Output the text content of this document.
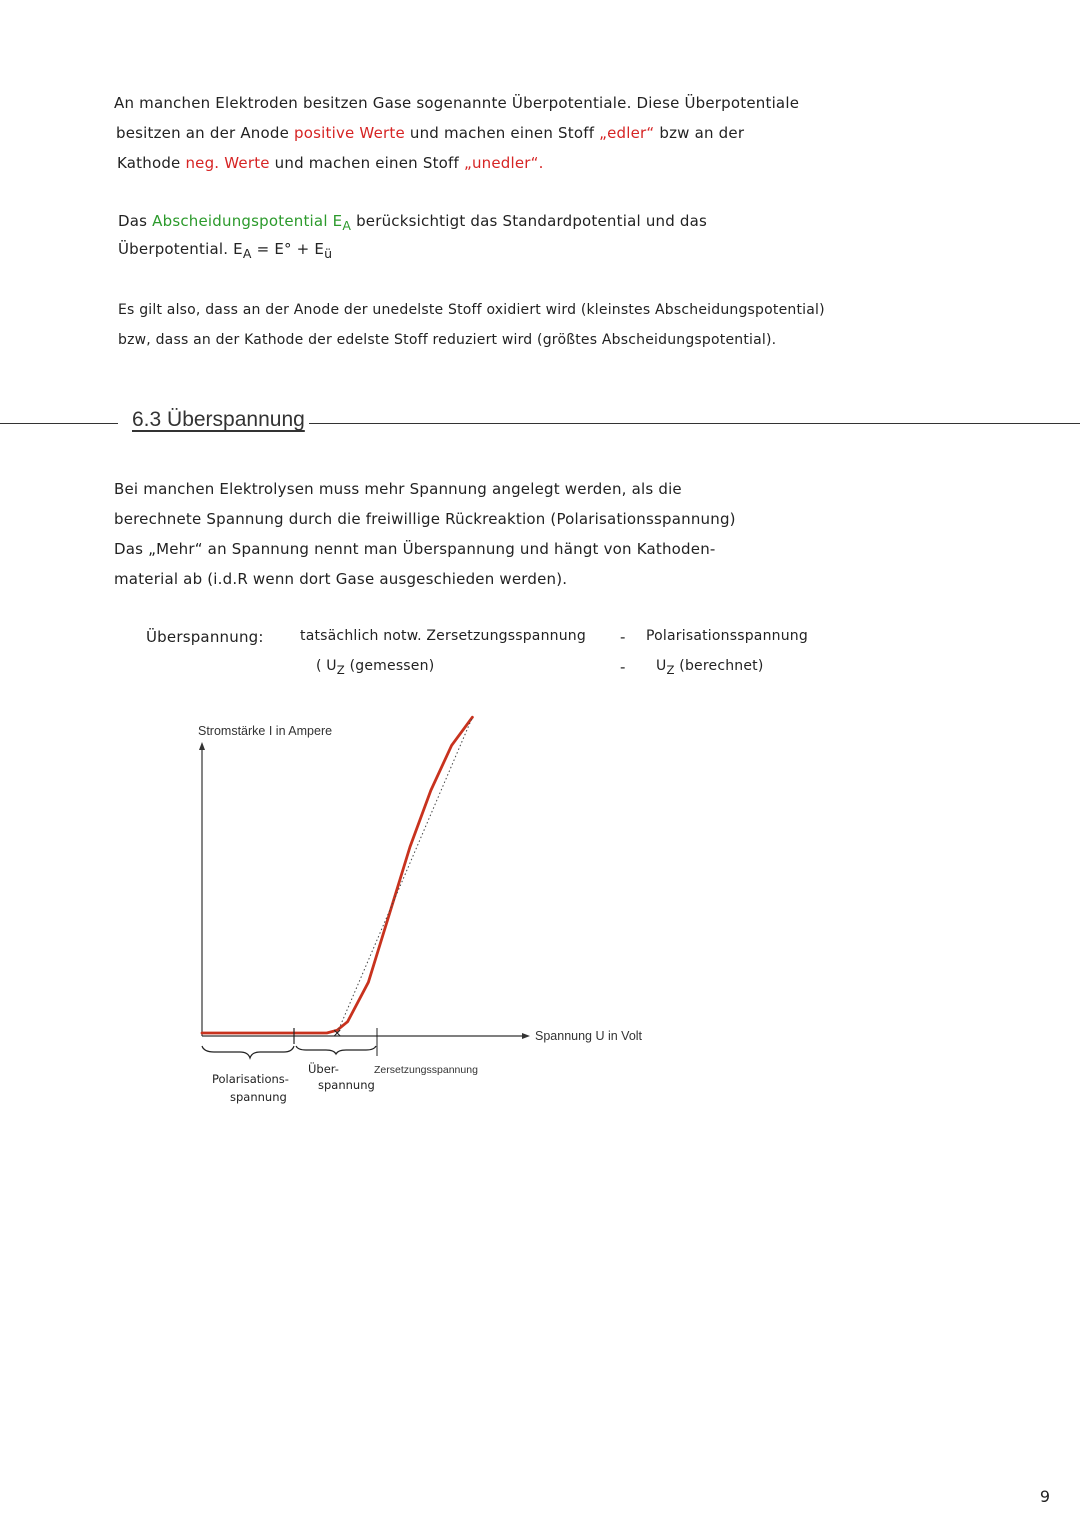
An manchen Elektroden besitzen Gase sogenannte Überpotentiale. Diese Überpotentiale
besitzen an der Anode positive Werte und machen einen Stoff „edler“ bzw an der
Kathode neg. Werte und machen einen Stoff „unedler“.
Das Abscheidungspotential $E_A$ berücksichtigt das Standardpotential und das
Überpotential. $E_A = E^\circ + E_ü$
Es gilt also, dass an der Anode der unedelste Stoff oxidiert wird (kleinstes Abscheidungspotential)
bzw, dass an der Kathode der edelste Stoff reduziert wird (größtes Abscheidungspotential).
6.3 Überspannung
Bei manchen Elektrolysen muss mehr Spannung angelegt werden, als die
berechnete Spannung durch die freiwillige Rückreaktion (Polarisationsspannung)
Das „Mehr“ an Spannung nennt man Überspannung und hängt von Kathoden-
material ab (i.d.R wenn dort Gase ausgeschieden werden).
Überspannung:	tatsächlich notw. Zersetzungsspannung - Polarisationsspannung
( $U_Z$ (gemessen)	- $U_Z$ (berechnet)
Stromstärke I in Ampere
Spannung U in Volt
Zersetzungsspannung
Polarisations-
spannung
Über-
spannung
9
